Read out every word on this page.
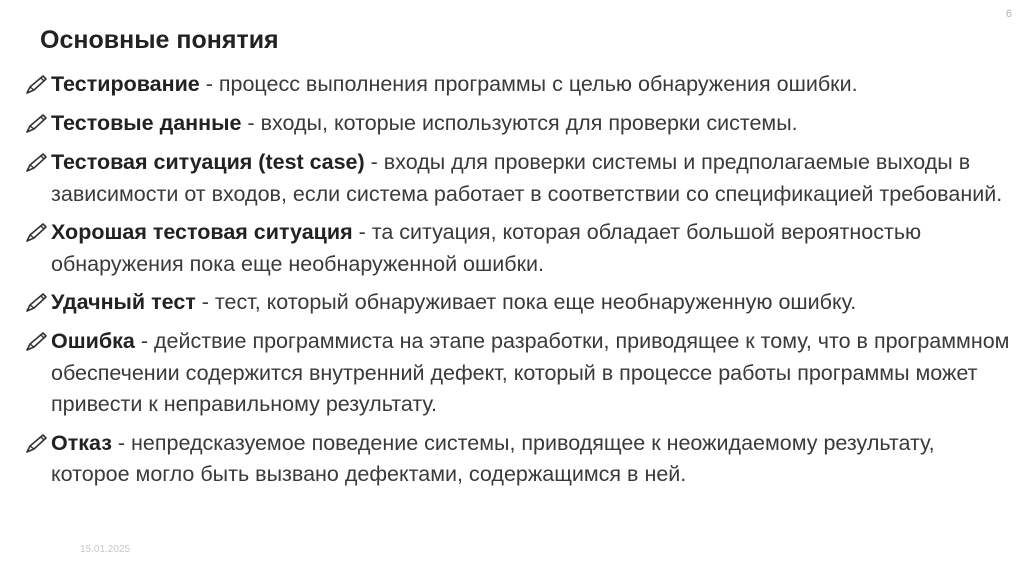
6
Основные понятия
Тестирование - процесс выполнения программы с целью обнаружения ошибки.
Тестовые данные - входы, которые используются для проверки системы.
Тестовая ситуация (test case) - входы для проверки системы и предполагаемые выходы в зависимости от входов, если система работает в соответствии со спецификацией требований.
Хорошая тестовая ситуация - та ситуация, которая обладает большой вероятностью обнаружения пока еще необнаруженной ошибки.
Удачный тест - тест, который обнаруживает пока еще необнаруженную ошибку.
Ошибка - действие программиста на этапе разработки, приводящее к тому, что в программном обеспечении содержится внутренний дефект, который в процессе работы программы может привести к неправильному результату.
Отказ - непредсказуемое поведение системы, приводящее к неожидаемому результату, которое могло быть вызвано дефектами, содержащимся в ней.
15.01.2025
